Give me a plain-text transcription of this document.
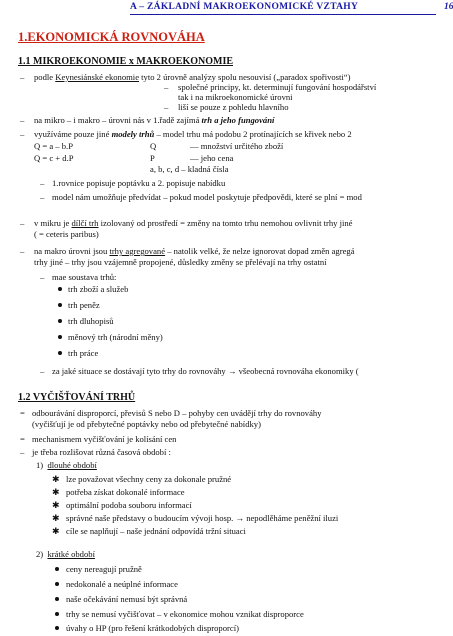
A – ZÁKLADNÍ MAKROEKONOMICKÉ VZTAHY	16
1.EKONOMICKÁ ROVNOVÁHA
1.1 MIKROEKONOMIE x MAKROEKONOMIE
– podle Keynesiánské ekonomie tyto 2 úrovně analýzy spolu nesouvisí („paradox spořivosti“)
– společné principy, kt. determinují fungování hospodářství
tak i na mikroekonomické úrovni
– liší se pouze z pohledu hlavního
– na mikro – i makro – úrovni nás v 1.řadě zajímá trh a jeho fungování
– využíváme pouze jiné modely trhů – model trhu má podobu 2 protínajících se křivek nebo 2
Q = a – b.P	Q	— množství určitého zboží
Q = c + d.P	P	— jeho cena
a, b, c, d – kladná čísla
– 1.rovnice popisuje poptávku a 2. popisuje nabídku
– model nám umožňuje předvídat – pokud model poskytuje předpovědi, které se plní = mod
– v mikru je dílčí trh izolovaný od prostředí = změny na tomto trhu nemohou ovlivnit trhy jiné
( = ceteris paribus)
– na makro úrovni jsou trhy agregované – natolik velké, že nelze ignorovat dopad změn agregá
trhy jiné – trhy jsou vzájemně propojené, důsledky změny se přelévají na trhy ostatní
– mae soustava trhů:
trh zboží a služeb
trh peněz
trh dluhopisů
měnový trh (národní měny)
trh práce
– za jaké situace se dostávají tyto trhy do rovnováhy → všeobecná rovnováha ekonomiky (
1.2 VYČIŠŤOVÁNÍ TRHŮ
= odbourávání disproporcí, převisů S nebo D – pohyby cen uvádějí trhy do rovnováhy
(vyčišťují je od přebytečné poptávky nebo od přebytečné nabídky)
= mechanismem vyčišťování je kolísání cen
– je třeba rozlišovat různá časová období :
1) dlouhé období
✱ lze považovat všechny ceny za dokonale pružné
✱ potřeba získat dokonalé informace
✱ optimální podoba souboru informací
✱ správné naše představy o budoucím vývoji hosp. → nepodlěháme peněžní iluzi
✱ cíle se naplňují – naše jednání odpovídá tržní situaci
2) krátké období
ceny nereagují pružně
nedokonalé a neúplné informace
naše očekávání nemusí být správná
trhy se nemusí vyčišťovat – v ekonomice mohou vznikat disproporce
úvahy o HP (pro řešení krátkodobých disproporcí)
